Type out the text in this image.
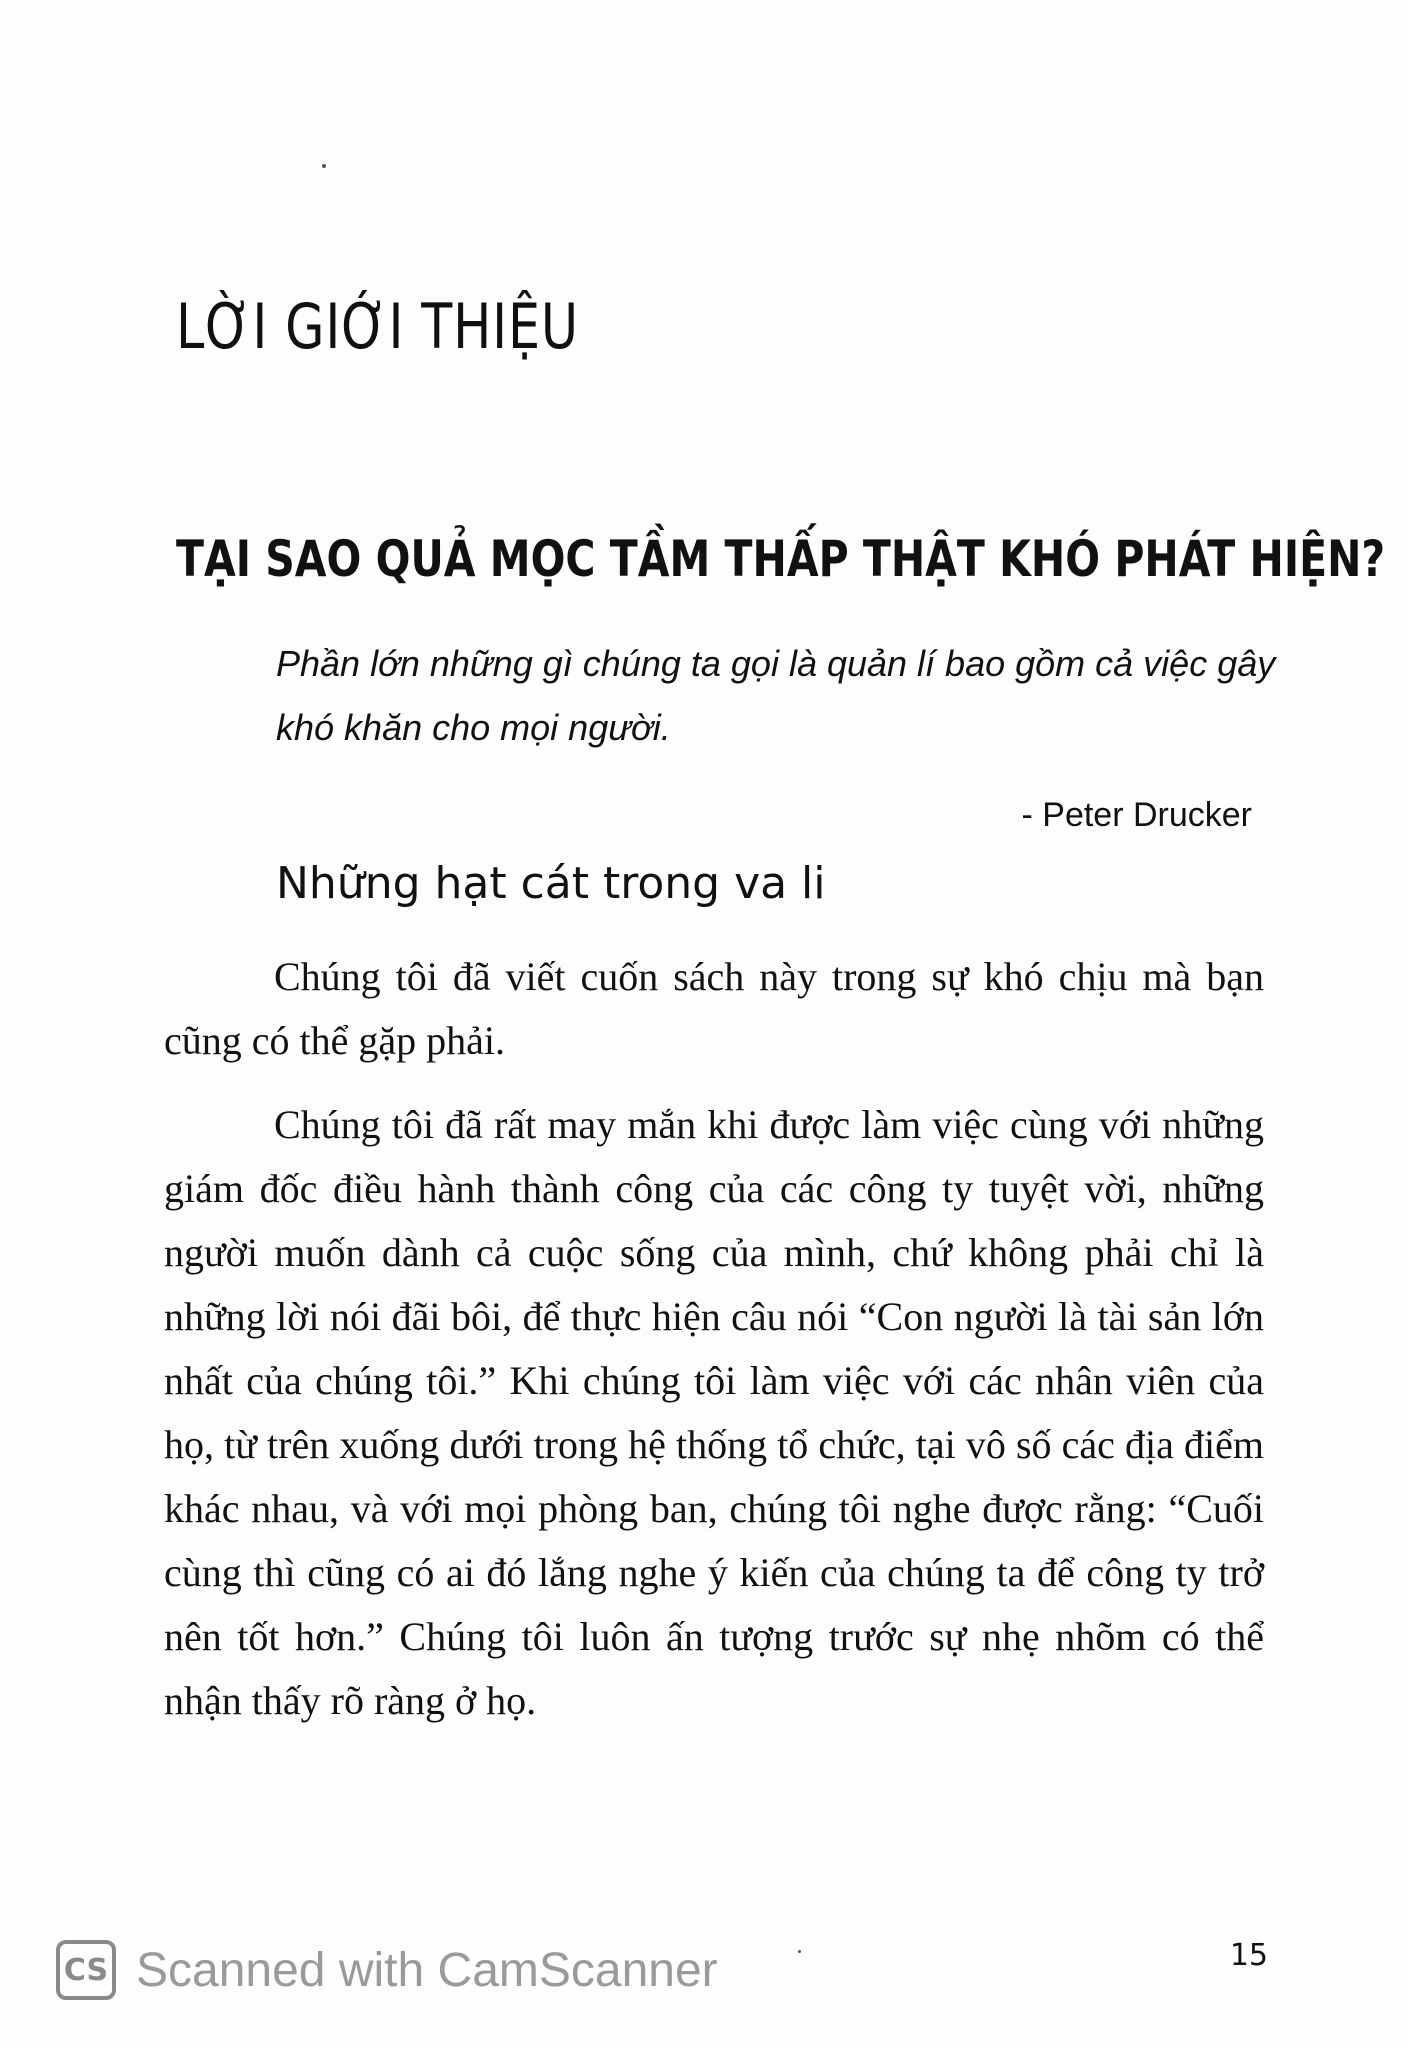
LỜI GIỚI THIỆU
TẠI SAO QUẢ MỌC TẦM THẤP THẬT KHÓ PHÁT HIỆN?
Phần lớn những gì chúng ta gọi là quản lí bao gồm cả việc gây khó khăn cho mọi người.
- Peter Drucker
Những hạt cát trong va li

Chúng tôi đã viết cuốn sách này trong sự khó chịu mà bạn cũng có thể gặp phải.

Chúng tôi đã rất may mắn khi được làm việc cùng với những giám đốc điều hành thành công của các công ty tuyệt vời, những người muốn dành cả cuộc sống của mình, chứ không phải chỉ là những lời nói đãi bôi, để thực hiện câu nói “Con người là tài sản lớn nhất của chúng tôi.” Khi chúng tôi làm việc với các nhân viên của họ, từ trên xuống dưới trong hệ thống tổ chức, tại vô số các địa điểm khác nhau, và với mọi phòng ban, chúng tôi nghe được rằng: “Cuối cùng thì cũng có ai đó lắng nghe ý kiến của chúng ta để công ty trở nên tốt hơn.” Chúng tôi luôn ấn tượng trước sự nhẹ nhõm có thể nhận thấy rõ ràng ở họ.

CS Scanned with CamScanner	15
